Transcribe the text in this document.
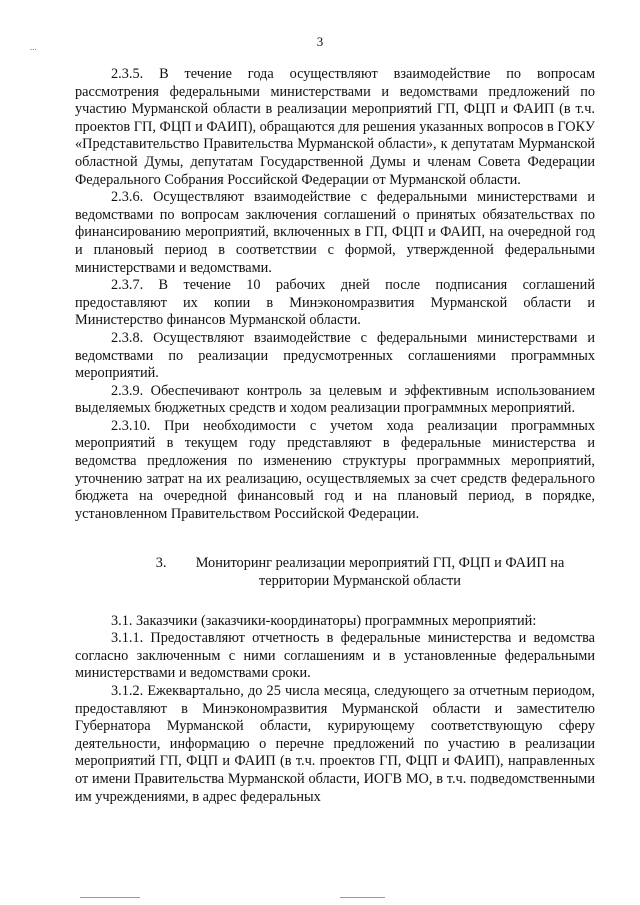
3
...

2.3.5. В течение года осуществляют взаимодействие по вопросам рассмотрения федеральными министерствами и ведомствами предложений по участию Мурманской области в реализации мероприятий ГП, ФЦП и ФАИП (в т.ч. проектов ГП, ФЦП и ФАИП), обращаются для решения указанных вопросов в ГОКУ «Представительство Правительства Мурманской области», к депутатам Мурманской областной Думы, депутатам Государственной Думы и членам Совета Федерации Федерального Собрания Российской Федерации от Мурманской области.

2.3.6. Осуществляют взаимодействие с федеральными министерствами и ведомствами по вопросам заключения соглашений о принятых обязательствах по финансированию мероприятий, включенных в ГП, ФЦП и ФАИП, на очередной год и плановый период в соответствии с формой, утвержденной федеральными министерствами и ведомствами.

2.3.7. В течение 10 рабочих дней после подписания соглашений предоставляют их копии в Минэкономразвития Мурманской области и Министерство финансов Мурманской области.

2.3.8. Осуществляют взаимодействие с федеральными министерствами и ведомствами по реализации предусмотренных соглашениями программных мероприятий.

2.3.9. Обеспечивают контроль за целевым и эффективным использованием выделяемых бюджетных средств и ходом реализации программных мероприятий.

2.3.10. При необходимости с учетом хода реализации программных мероприятий в текущем году представляют в федеральные министерства и ведомства предложения по изменению структуры программных мероприятий, уточнению затрат на их реализацию, осуществляемых за счет средств федерального бюджета на очередной финансовый год и на плановый период, в порядке, установленном Правительством Российской Федерации.

3. Мониторинг реализации мероприятий ГП, ФЦП и ФАИП на территории Мурманской области

3.1. Заказчики (заказчики-координаторы) программных мероприятий:

3.1.1. Предоставляют отчетность в федеральные министерства и ведомства согласно заключенным с ними соглашениям и в установленные федеральными министерствами и ведомствами сроки.

3.1.2. Ежеквартально, до 25 числа месяца, следующего за отчетным периодом, предоставляют в Минэкономразвития Мурманской области и заместителю Губернатора Мурманской области, курирующему соответствующую сферу деятельности, информацию о перечне предложений по участию в реализации мероприятий ГП, ФЦП и ФАИП (в т.ч. проектов ГП, ФЦП и ФАИП), направленных от имени Правительства Мурманской области, ИОГВ МО, в т.ч. подведомственными им учреждениями, в адрес федеральных
